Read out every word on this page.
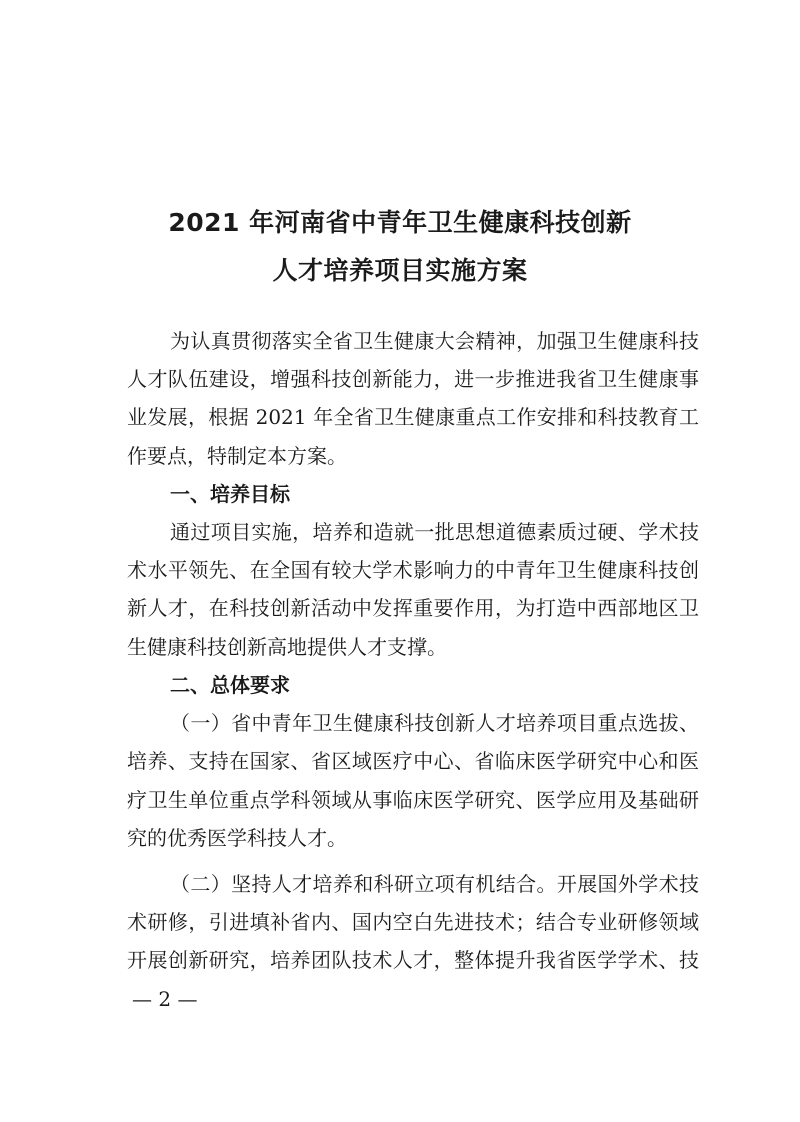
2021 年河南省中青年卫生健康科技创新
人才培养项目实施方案
为认真贯彻落实全省卫生健康大会精神，加强卫生健康科技
人才队伍建设，增强科技创新能力，进一步推进我省卫生健康事
业发展，根据 2021 年全省卫生健康重点工作安排和科技教育工
作要点，特制定本方案。
一、培养目标
通过项目实施，培养和造就一批思想道德素质过硬、学术技
术水平领先、在全国有较大学术影响力的中青年卫生健康科技创
新人才，在科技创新活动中发挥重要作用，为打造中西部地区卫
生健康科技创新高地提供人才支撑。
二、总体要求
（一）省中青年卫生健康科技创新人才培养项目重点选拔、
培养、支持在国家、省区域医疗中心、省临床医学研究中心和医
疗卫生单位重点学科领域从事临床医学研究、医学应用及基础研
究的优秀医学科技人才。
（二）坚持人才培养和科研立项有机结合。开展国外学术技
术研修，引进填补省内、国内空白先进技术；结合专业研修领域
开展创新研究，培养团队技术人才，整体提升我省医学学术、技
— 2 —
